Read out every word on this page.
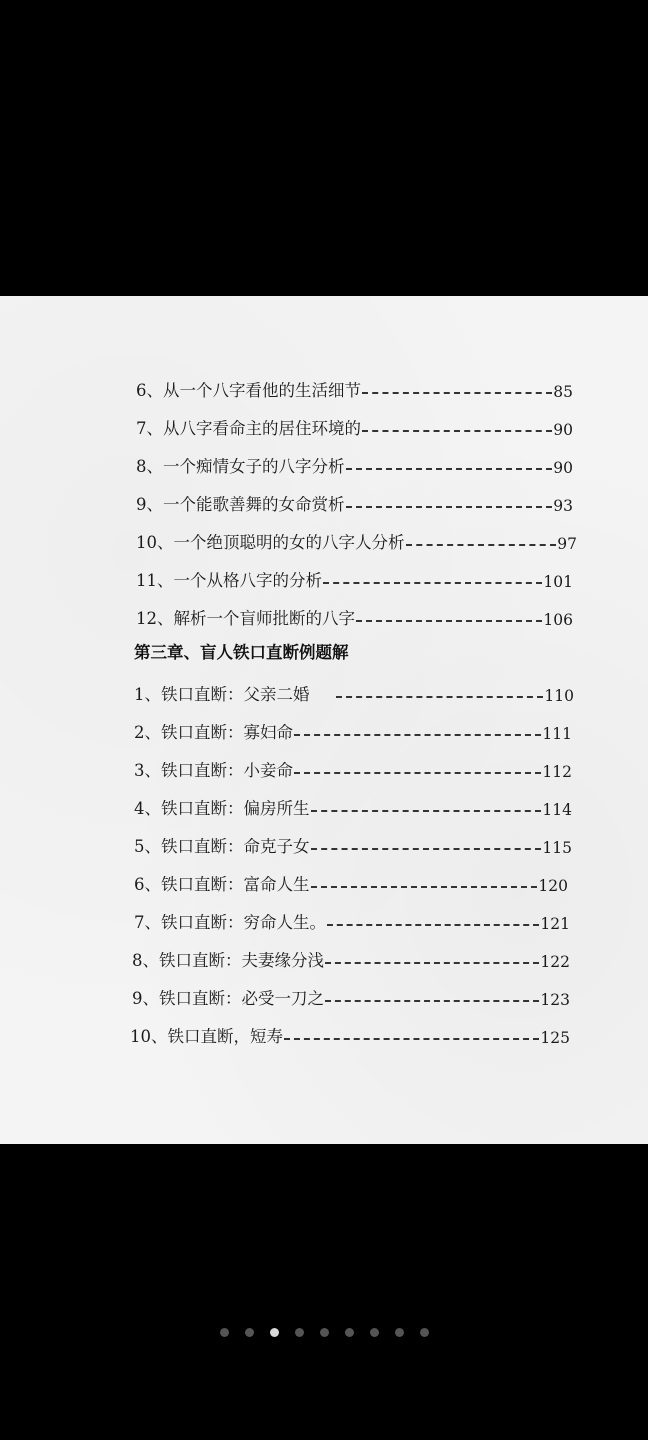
6、从一个八字看他的生活细节	85
7、从八字看命主的居住环境的	90
8、一个痴情女子的八字分析	90
9、一个能歌善舞的女命赏析	93
10、一个绝顶聪明的女的八字人分析	97
11、一个从格八字的分析	101
12、解析一个盲师批断的八字	106
第三章、盲人铁口直断例题解
1、铁口直断：父亲二婚	110
2、铁口直断：寡妇命	111
3、铁口直断：小妾命	112
4、铁口直断：偏房所生	114
5、铁口直断：命克子女	115
6、铁口直断：富命人生	120
7、铁口直断：穷命人生。	121
8、铁口直断：夫妻缘分浅	122
9、铁口直断：必受一刀之	123
10、铁口直断，短寿	125
